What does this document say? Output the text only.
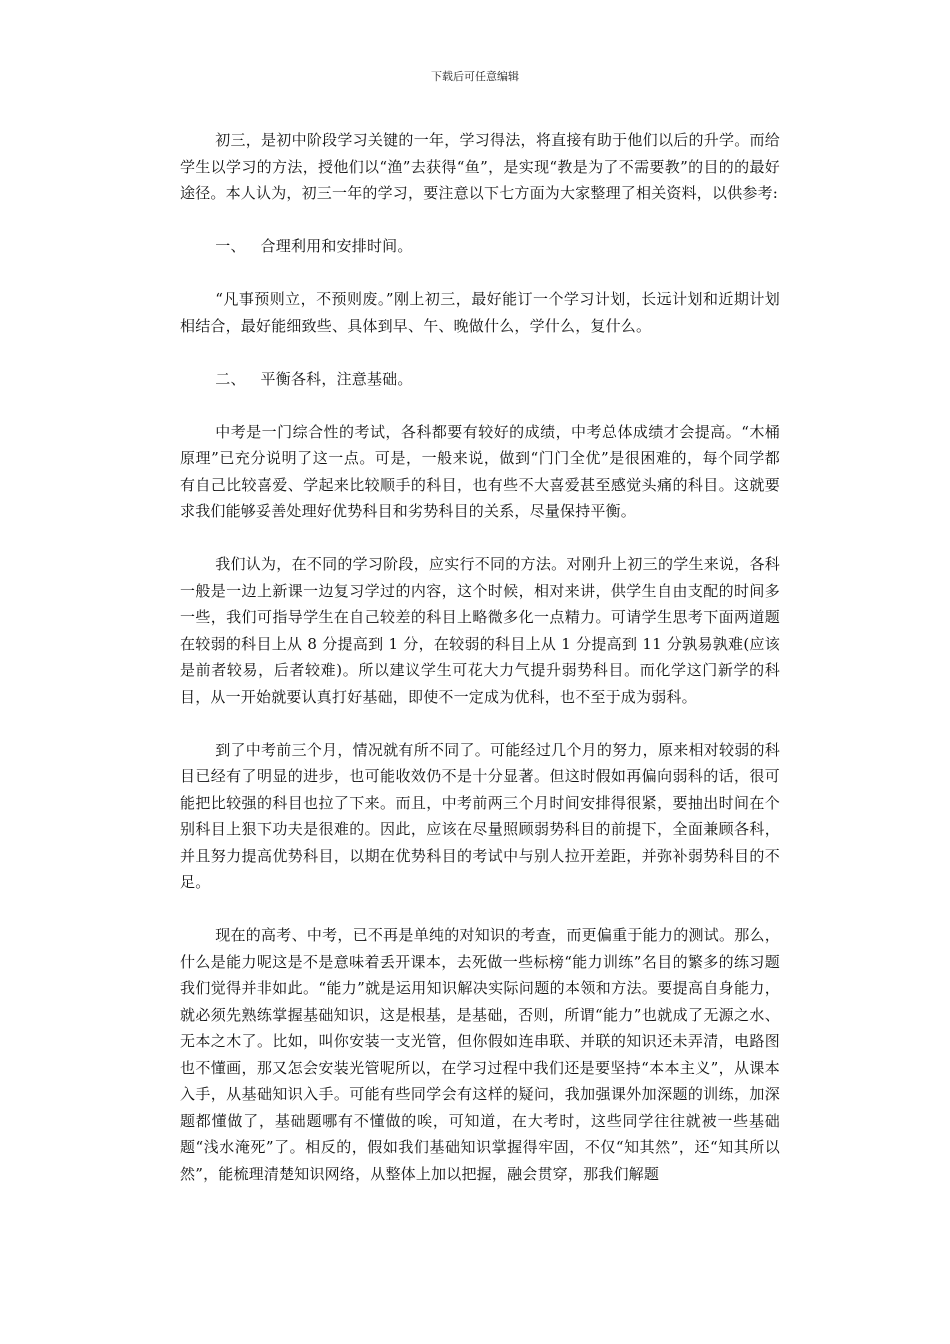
下载后可任意编辑

初三，是初中阶段学习关键的一年，学习得法，将直接有助于他们以后的升学。而给学生以学习的方法，授他们以“渔”去获得“鱼”，是实现“教是为了不需要教”的目的的最好途径。本人认为，初三一年的学习，要注意以下七方面为大家整理了相关资料，以供参考:

一、   合理利用和安排时间。

“凡事预则立，不预则废。”刚上初三，最好能订一个学习计划，长远计划和近期计划相结合，最好能细致些、具体到早、午、晚做什么，学什么，复什么。

二、   平衡各科，注意基础。

中考是一门综合性的考试，各科都要有较好的成绩，中考总体成绩才会提高。“木桶原理”已充分说明了这一点。可是，一般来说，做到“门门全优”是很困难的，每个同学都有自己比较喜爱、学起来比较顺手的科目，也有些不大喜爱甚至感觉头痛的科目。这就要求我们能够妥善处理好优势科目和劣势科目的关系，尽量保持平衡。

我们认为，在不同的学习阶段，应实行不同的方法。对刚升上初三的学生来说，各科一般是一边上新课一边复习学过的内容，这个时候，相对来讲，供学生自由支配的时间多一些，我们可指导学生在自己较差的科目上略微多化一点精力。可请学生思考下面两道题在较弱的科目上从 8 分提高到 1 分，在较弱的科目上从 1 分提高到 11 分孰易孰难(应该是前者较易，后者较难)。所以建议学生可花大力气提升弱势科目。而化学这门新学的科目，从一开始就要认真打好基础，即使不一定成为优科，也不至于成为弱科。

到了中考前三个月，情况就有所不同了。可能经过几个月的努力，原来相对较弱的科目已经有了明显的进步，也可能收效仍不是十分显著。但这时假如再偏向弱科的话，很可能把比较强的科目也拉了下来。而且，中考前两三个月时间安排得很紧，要抽出时间在个别科目上狠下功夫是很难的。因此，应该在尽量照顾弱势科目的前提下，全面兼顾各科，并且努力提高优势科目，以期在优势科目的考试中与别人拉开差距，并弥补弱势科目的不足。

现在的高考、中考，已不再是单纯的对知识的考查，而更偏重于能力的测试。那么，什么是能力呢这是不是意味着丢开课本，去死做一些标榜“能力训练”名目的繁多的练习题我们觉得并非如此。“能力”就是运用知识解决实际问题的本领和方法。要提高自身能力，就必须先熟练掌握基础知识，这是根基，是基础，否则，所谓“能力”也就成了无源之水、无本之木了。比如，叫你安装一支光管，但你假如连串联、并联的知识还未弄清，电路图也不懂画，那又怎会安装光管呢所以，在学习过程中我们还是要坚持“本本主义”，从课本入手，从基础知识入手。可能有些同学会有这样的疑问，我加强课外加深题的训练，加深题都懂做了，基础题哪有不懂做的唉，可知道，在大考时，这些同学往往就被一些基础题“浅水淹死”了。相反的，假如我们基础知识掌握得牢固，不仅“知其然”，还“知其所以然”，能梳理清楚知识网络，从整体上加以把握，融会贯穿，那我们解题
